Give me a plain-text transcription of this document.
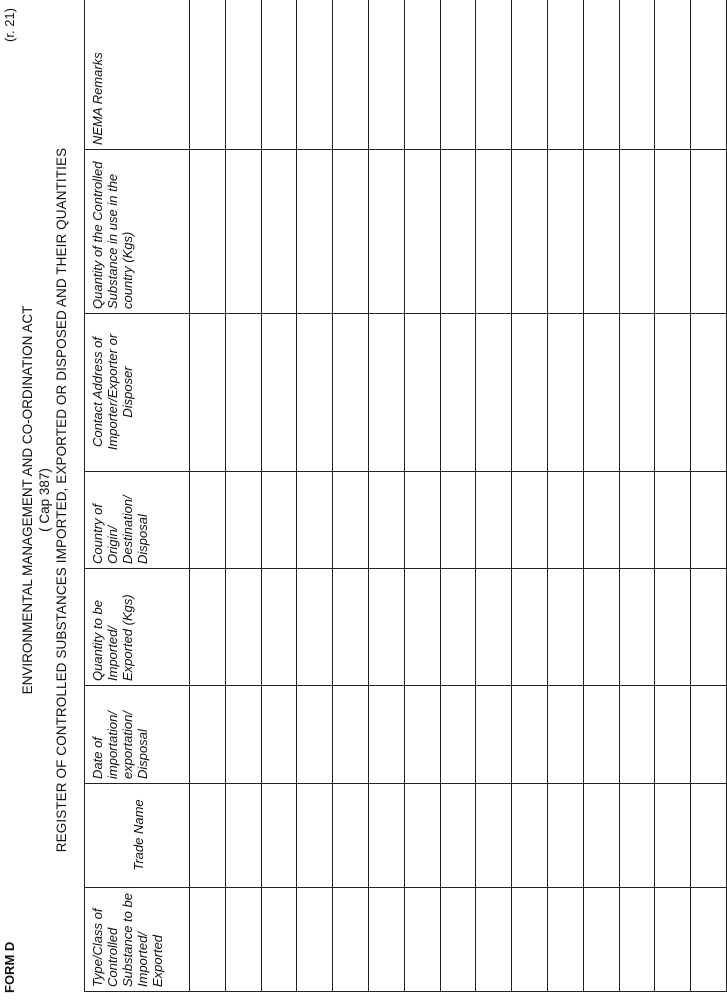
FORM D
(r. 21)
ENVIRONMENTAL MANAGEMENT AND CO-ORDINATION ACT ( Cap 387) REGISTER OF CONTROLLED SUBSTANCES IMPORTED, EXPORTED OR DISPOSED AND THEIR QUANTITIES
Type/Class of Controlled Substance to be Imported/ Exported	Trade Name	Date of importation/ exportation/ Disposal	Quantity to be Imported/ Exported (Kgs)	Country of Origin/ Destination/ Disposal	Contact Address of Importer/Exporter or Disposer	Quantity of the Controlled Substance in use in the country (Kgs)	NEMA Remarks
